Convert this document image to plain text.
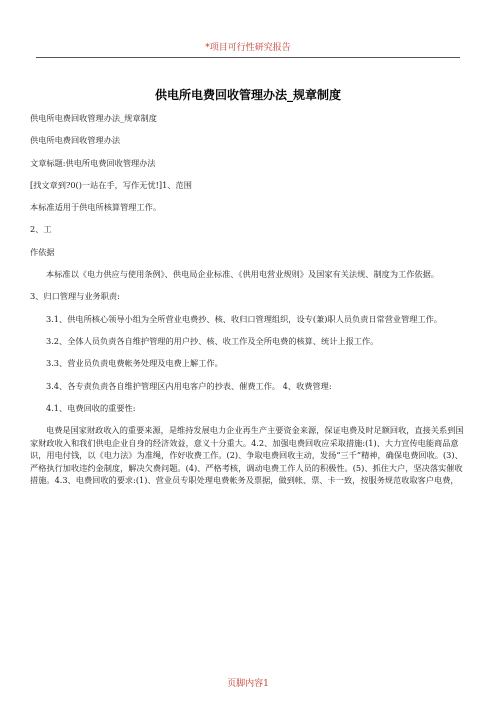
*项目可行性研究报告
供电所电费回收管理办法_规章制度

供电所电费回收管理办法_规章制度

供电所电费回收管理办法

文章标题:供电所电费回收管理办法

[找文章到?0()一站在手，写作无忧!]1、范围

本标准适用于供电所核算管理工作。

2、工

作依据

本标准以《电力供应与使用条例》、供电局企业标准、《供用电营业规则》及国家有关法规、制度为工作依据。

3、归口管理与业务职责:

3.1、供电所核心领导小组为全所营业电费抄、核、收归口管理组织，设专(兼)职人员负责日常营业管理工作。

3.2、全体人员负责各自维护管理的用户抄、核、收工作及全所电费的核算、统计上报工作。

3.3、营业员负责电费帐务处理及电费上解工作。

3.4、各专责负责各自维护管理区内用电客户的抄表、催费工作。 4、收费管理:

4.1、电费回收的重要性:

电费是国家财政收入的重要来源，是维持发展电力企业再生产主要资金来源，保证电费及时足额回收，直接关系到国家财政收入和我们供电企业自身的经济效益，意义十分重大。4.2、加强电费回收应采取措施:(1)、大力宣传电能商品意识，用电付钱，以《电力法》为准绳，作好收费工作。(2)、争取电费回收主动，发扬“三千”精神，确保电费回收。(3)、严格执行加收违约金制度，解决欠费问题。(4)、严格考核，调动电费工作人员的积极性。(5)、抓住大户，坚决落实催收措施。4.3、电费回收的要求:(1)、营业员专职处理电费帐务及票据，做到帐、票、卡一致，按服务规范收取客户电费，

页脚内容1
